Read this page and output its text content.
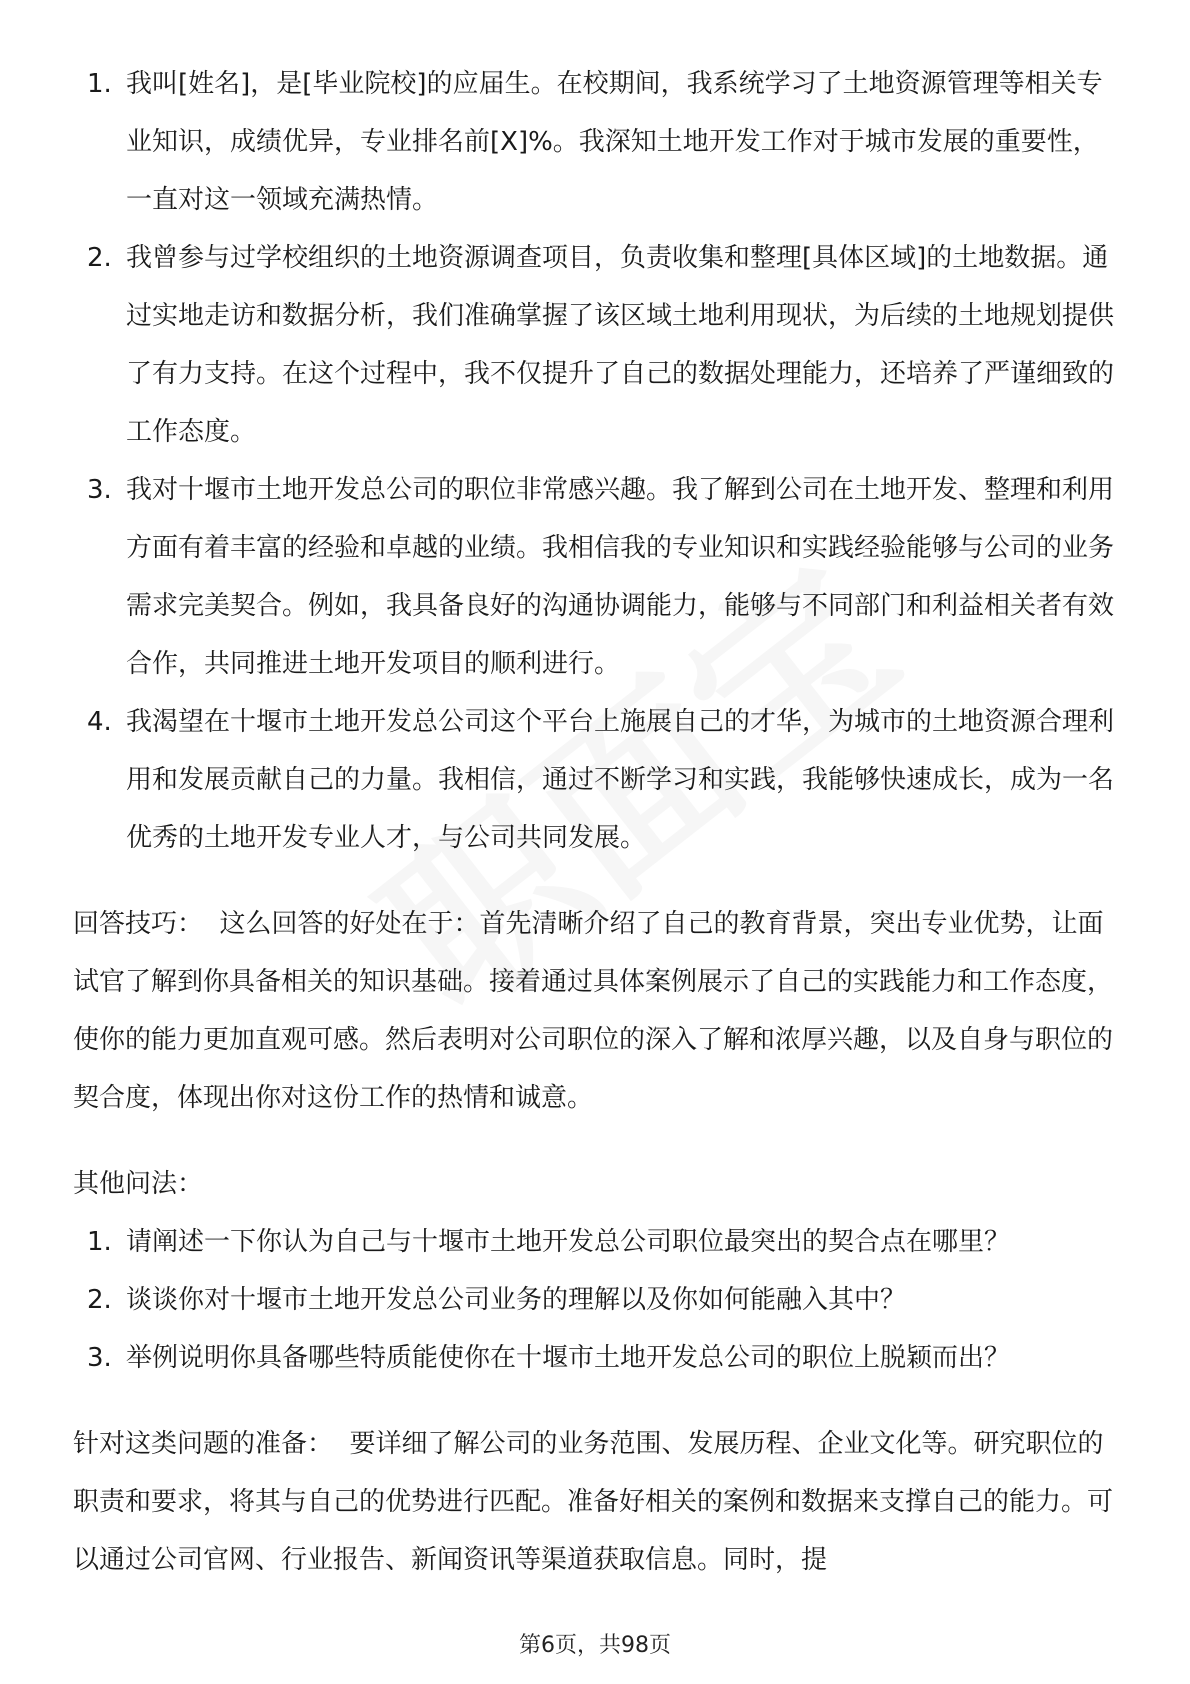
1. 我叫[姓名]，是[毕业院校]的应届生。在校期间，我系统学习了土地资源管理等相关专业知识，成绩优异，专业排名前[X]%。我深知土地开发工作对于城市发展的重要性，一直对这一领域充满热情。
2. 我曾参与过学校组织的土地资源调查项目，负责收集和整理[具体区域]的土地数据。通过实地走访和数据分析，我们准确掌握了该区域土地利用现状，为后续的土地规划提供了有力支持。在这个过程中，我不仅提升了自己的数据处理能力，还培养了严谨细致的工作态度。
3. 我对十堰市土地开发总公司的职位非常感兴趣。我了解到公司在土地开发、整理和利用方面有着丰富的经验和卓越的业绩。我相信我的专业知识和实践经验能够与公司的业务需求完美契合。例如，我具备良好的沟通协调能力，能够与不同部门和利益相关者有效合作，共同推进土地开发项目的顺利进行。
4. 我渴望在十堰市土地开发总公司这个平台上施展自己的才华，为城市的土地资源合理利用和发展贡献自己的力量。我相信，通过不断学习和实践，我能够快速成长，成为一名优秀的土地开发专业人才，与公司共同发展。

回答技巧： 这么回答的好处在于：首先清晰介绍了自己的教育背景，突出专业优势，让面试官了解到你具备相关的知识基础。接着通过具体案例展示了自己的实践能力和工作态度，使你的能力更加直观可感。然后表明对公司职位的深入了解和浓厚兴趣，以及自身与职位的契合度，体现出你对这份工作的热情和诚意。

其他问法：

1. 请阐述一下你认为自己与十堰市土地开发总公司职位最突出的契合点在哪里？
2. 谈谈你对十堰市土地开发总公司业务的理解以及你如何能融入其中？
3. 举例说明你具备哪些特质能使你在十堰市土地开发总公司的职位上脱颖而出？

针对这类问题的准备： 要详细了解公司的业务范围、发展历程、企业文化等。研究职位的职责和要求，将其与自己的优势进行匹配。准备好相关的案例和数据来支撑自己的能力。可以通过公司官网、行业报告、新闻资讯等渠道获取信息。同时，提

第6页，共98页
